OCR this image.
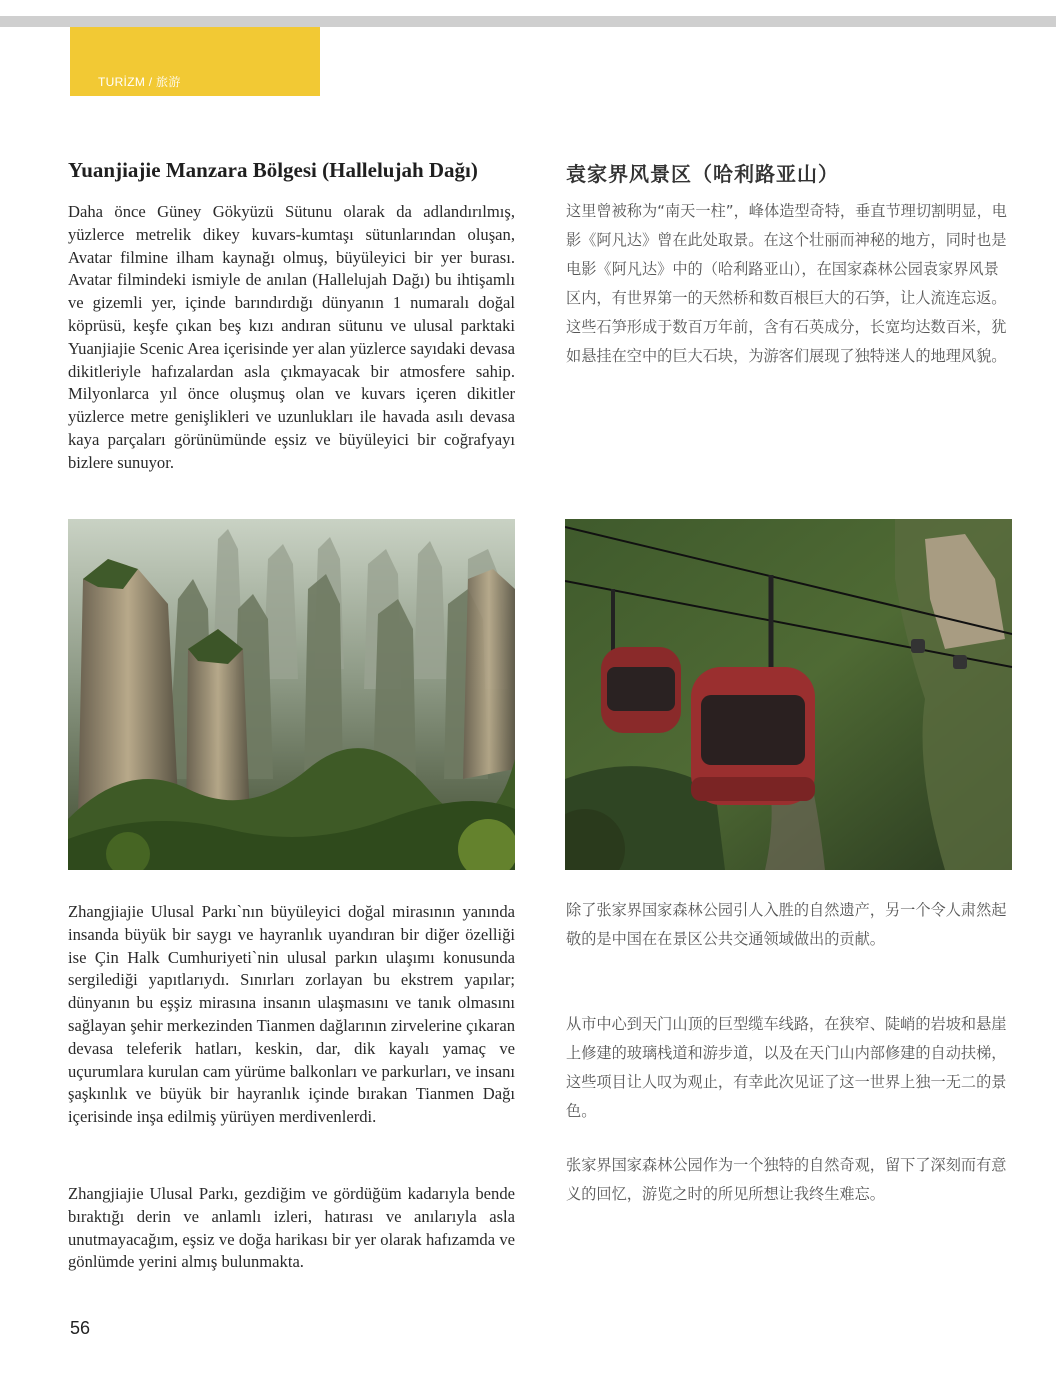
TURİZM / 旅游
Yuanjiajie Manzara Bölgesi (Hallelujah Dağı)	袁家界风景区（哈利路亚山）

Daha önce Güney Gökyüzü Sütunu olarak da adlandırılmış, yüzlerce metrelik dikey kuvars-kumtaşı sütunlarından oluşan, Avatar filmine ilham kaynağı olmuş, büyüleyici bir yer burası. Avatar filmindeki ismiyle de anılan (Hallelujah Dağı) bu ihtişamlı ve gizemli yer, içinde barındırdığı dünyanın 1 numaralı doğal köprüsü, keşfe çıkan beş kızı andıran sütunu ve ulusal parktaki Yuanjiajie Scenic Area içerisinde yer alan yüzlerce sayıdaki devasa dikitleriyle hafızalardan asla çıkmayacak bir atmosfere sahip. Milyonlarca yıl önce oluşmuş olan ve kuvars içeren dikitler yüzlerce metre genişlikleri ve uzunlukları ile havada asılı devasa kaya parçaları görünümünde eşsiz ve büyüleyici bir coğrafyayı bizlere sunuyor.

这里曾被称为“南天一柱”，峰体造型奇特，垂直节理切割明显，电影《阿凡达》曾在此处取景。在这个壮丽而神秘的地方，同时也是电影《阿凡达》中的（哈利路亚山），在国家森林公园袁家界风景区内，有世界第一的天然桥和数百根巨大的石笋，让人流连忘返。 这些石笋形成于数百万年前，含有石英成分，长宽均达数百米，犹如悬挂在空中的巨大石块，为游客们展现了独特迷人的地理风貌。

Zhangjiajie Ulusal Parkı`nın büyüleyici doğal mirasının yanında insanda büyük bir saygı ve hayranlık uyandıran bir diğer özelliği ise Çin Halk Cumhuriyeti`nin ulusal parkın ulaşımı konusunda sergilediği yapıtlarıydı. Sınırları zorlayan bu ekstrem yapılar; dünyanın bu eşşiz mirasına insanın ulaşmasını ve tanık olmasını sağlayan şehir merkezinden Tianmen dağlarının zirvelerine çıkaran devasa teleferik hatları, keskin, dar, dik kayalı yamaç ve uçurumlara kurulan cam yürüme balkonları ve parkurları, ve insanı şaşkınlık ve büyük bir hayranlık içinde bırakan Tianmen Dağı içerisinde inşa edilmiş yürüyen merdivenlerdi.

Zhangjiajie Ulusal Parkı, gezdiğim ve gördüğüm kadarıyla bende bıraktığı derin ve anlamlı izleri, hatırası ve anılarıyla asla unutmayacağım, eşsiz ve doğa harikası bir yer olarak hafızamda ve gönlümde yerini almış bulunmakta.

除了张家界国家森林公园引人入胜的自然遗产，另一个令人肃然起敬的是中国在在景区公共交通领域做出的贡献。

从市中心到天门山顶的巨型缆车线路，在狭窄、陡峭的岩坡和悬崖上修建的玻璃栈道和游步道，以及在天门山内部修建的自动扶梯，这些项目让人叹为观止，有幸此次见证了这一世界上独一无二的景色。

张家界国家森林公园作为一个独特的自然奇观，留下了深刻而有意义的回忆，游览之时的所见所想让我终生难忘。

56
